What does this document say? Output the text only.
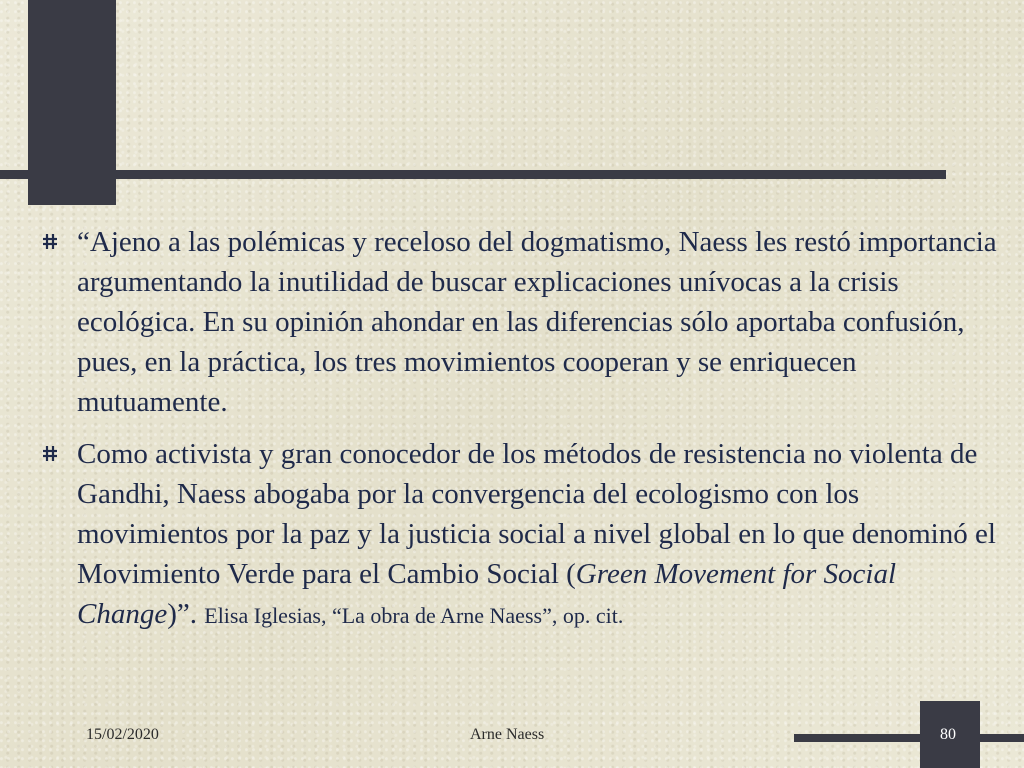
“Ajeno a las polémicas y receloso del dogmatismo, Naess les restó importancia argumentando la inutilidad de buscar explicaciones unívocas a la crisis ecológica. En su opinión ahondar en las diferencias sólo aportaba confusión, pues, en la práctica, los tres movimientos cooperan y se enriquecen mutuamente.
Como activista y gran conocedor de los métodos de resistencia no violenta de Gandhi, Naess abogaba por la convergencia del ecologismo con los movimientos por la paz y la justicia social a nivel global en lo que denominó el Movimiento Verde para el Cambio Social (Green Movement for Social Change)”. Elisa Iglesias, “La obra de Arne Naess”, op. cit.
15/02/2020	Arne Naess	80
